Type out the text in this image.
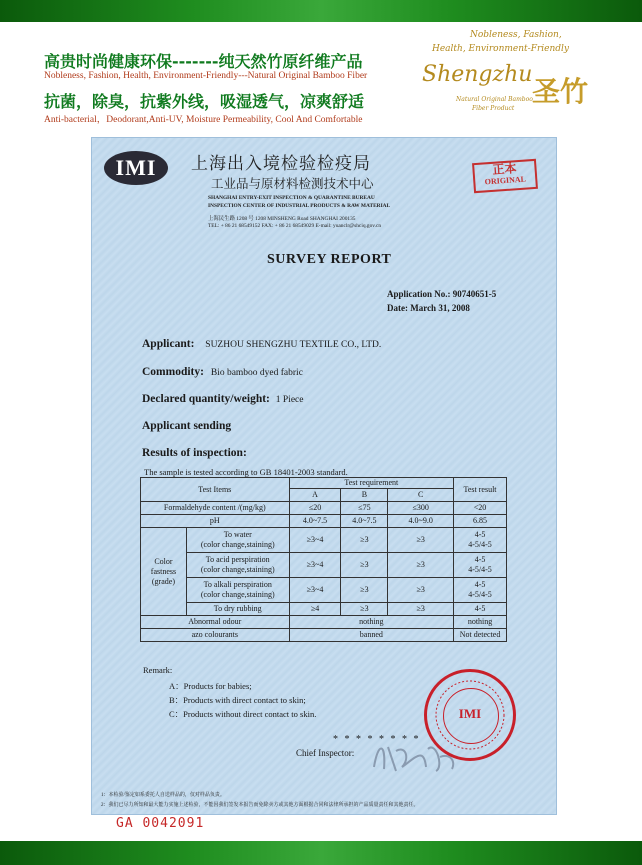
高贵时尚健康环保-------纯天然竹原纤维产品
Nobleness, Fashion, Health, Environment-Friendly---Natural Original Bamboo Fiber
抗菌，除臭，抗紫外线，吸湿透气，凉爽舒适
Anti-bacterial，Deodorant,Anti-UV, Moisture Permeability, Cool And Comfortable
Nobleness, Fashion,
Health, Environment-Friendly
Shengzhu
圣竹
Natural Original Bamboo
Fiber Product
IMI	上海出入境检验检疫局
工业品与原材料检测技术中心
SHANGHAI ENTRY-EXIT INSPECTION & QUARANTINE BUREAU
INSPECTION CENTER OF INDUSTRIAL PRODUCTS & RAW MATERIAL
上海民生路 1208 号 1208 MINSHENG Road SHANGHAI 200135
TEL: + 86 21 68549152 FAX: + 86 21 68549029 E-mail: yuanclr@shciq.gov.cn
正本
ORIGINAL
SURVEY REPORT
Application No.: 90740651-5
Date: March 31, 2008
Applicant: SUZHOU SHENGZHU TEXTILE CO., LTD.
Commodity: Bio bamboo dyed fabric
Declared quantity/weight: 1 Piece
Applicant sending
Results of inspection:
The sample is tested according to GB 18401-2003 standard.
Test Items		Test requirement			Test result
		A	B	C	
Formaldehyde content /(mg/kg)		≤20	≤75	≤300	<20
pH		4.0~7.5	4.0~7.5	4.0~9.0	6.85
Color fastness (grade)	To water
(color change,staining)	≥3~4	≥3	≥3	4-5
4-5/4-5
	To acid perspiration
(color change,staining)	≥3~4	≥3	≥3	4-5
4-5/4-5
	To alkali perspiration
(color change,staining)	≥3~4	≥3	≥3	4-5
4-5/4-5
	To dry rubbing	≥4	≥3	≥3	4-5
Abnormal odour		nothing			nothing
azo colourants		banned			Not detected
Remark:
A：Products for babies;
B：Products with direct contact to skin;
C：Products without direct contact to skin.
* * * * * * * *
Chief Inspector:
IMI
1：本检验/鉴定如系委托人自送样品的，仅对样品负责。
2：我们已尽力所知和最大能力实施上述检验，不能因我们签发本报告而免除卖方或其他方面根据合同和法律所承担的产品质量责任和其他责任。
GA 0042091
